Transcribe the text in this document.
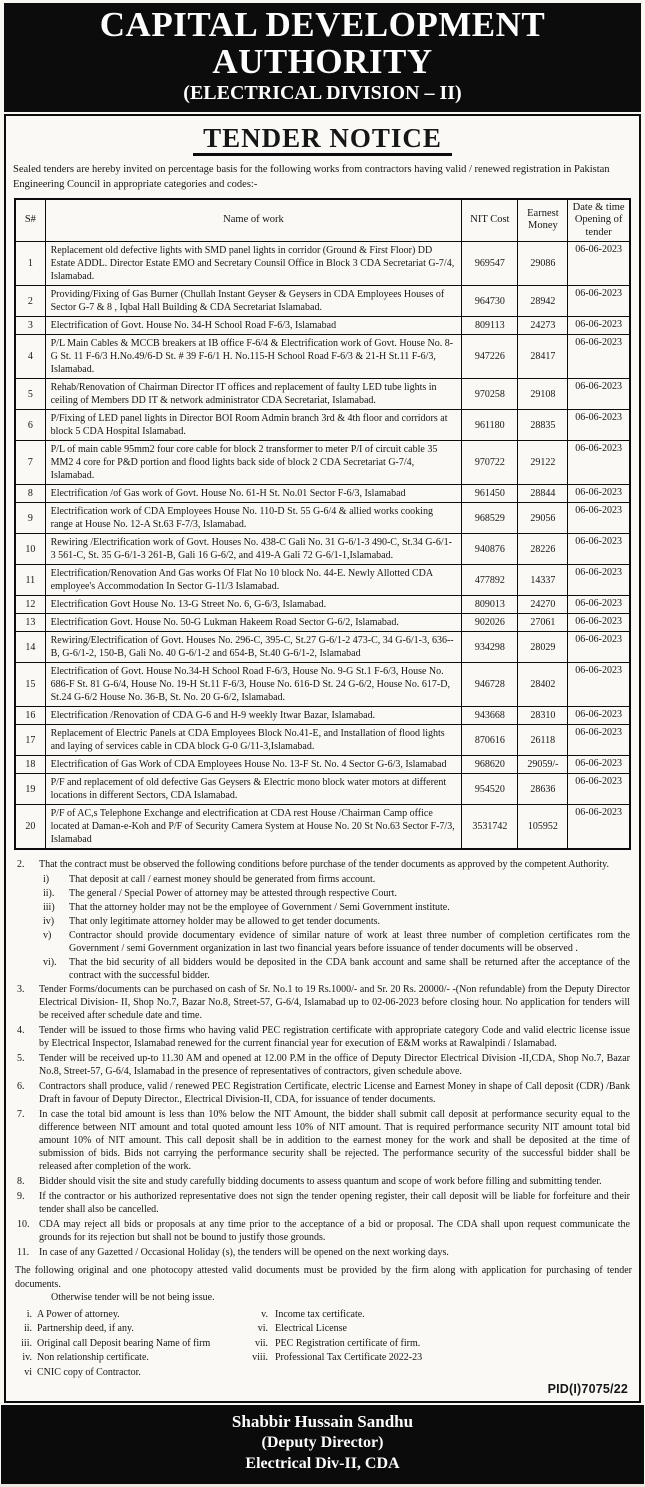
CAPITAL DEVELOPMENT AUTHORITY
(ELECTRICAL DIVISION – II)
TENDER NOTICE

Sealed tenders are hereby invited on percentage basis for the following works from contractors having valid / renewed registration in Pakistan Engineering Council in appropriate categories and codes:-

S#	Name of work	NIT Cost	Earnest Money	Date & time Opening of tender
1	Replacement old defective lights with SMD panel lights in corridor (Ground & First Floor) DD Estate ADDL. Director Estate EMO and Secretary Counsil Office in Block 3 CDA Secretariat G-7/4, Islamabad.	969547	29086	06-06-2023
2	Providing/Fixing of Gas Burner (Chullah Instant Geyser & Geysers in CDA Employees Houses of Sector G-7 & 8 , Iqbal Hall Building & CDA Secretariat Islamabad.	964730	28942	06-06-2023
3	Electrification of Govt. House No. 34-H School Road F-6/3, Islamabad	809113	24273	06-06-2023
4	P/L Main Cables & MCCB breakers at IB office F-6/4 & Electrification work of Govt. House No. 8-G St. 11 F-6/3 H.No.49/6-D St. # 39 F-6/1 H. No.115-H School Road F-6/3 & 21-H St.11 F-6/3, Islamabad.	947226	28417	06-06-2023
5	Rehab/Renovation of Chairman Director IT offices and replacement of faulty LED tube lights in ceiling of Members DD IT & network administrator CDA Secretariat, Islamabad.	970258	29108	06-06-2023
6	P/Fixing of LED panel lights in Director BOI Room Admin branch 3rd & 4th floor and corridors at block 5 CDA Hospital Islamabad.	961180	28835	06-06-2023
7	P/L of main cable 95mm2 four core cable for block 2 transformer to meter P/I of circuit cable 35 MM2 4 core for P&D portion and flood lights back side of block 2 CDA Secretariat G-7/4, Islamabad.	970722	29122	06-06-2023
8	Electrification /of Gas work of Govt. House No. 61-H St. No.01 Sector F-6/3, Islamabad	961450	28844	06-06-2023
9	Electrification work of CDA Employees House No. 110-D St. 55 G-6/4 & allied works cooking range at House No. 12-A St.63 F-7/3, Islamabad.	968529	29056	06-06-2023
10	Rewiring /Electrification work of Govt. Houses No. 438-C Gali No. 31 G-6/1-3 490-C, St.34 G-6/1-3 561-C, St. 35 G-6/1-3 261-B, Gali 16 G-6/2, and 419-A Gali 72 G-6/1-1,Islamabad.	940876	28226	06-06-2023
11	Electrification/Renovation And Gas works Of Flat No 10 block No. 44-E. Newly Allotted CDA employee's Accommodation In Sector G-11/3 Islamabad.	477892	14337	06-06-2023
12	Electrification Govt House No. 13-G Street No. 6, G-6/3, Islamabad.	809013	24270	06-06-2023
13	Electrification Govt. House No. 50-G Lukman Hakeem Road Sector G-6/2, Islamabad.	902026	27061	06-06-2023
14	Rewiring/Electrification of Govt. Houses No. 296-C, 395-C, St.27 G-6/1-2 473-C, 34 G-6/1-3, 636--B, G-6/1-2, 150-B, Gali No. 40 G-6/1-2 and 654-B, St.40 G-6/1-2, Islamabad	934298	28029	06-06-2023
15	Electrification of Govt. House No.34-H School Road F-6/3, House No. 9-G St.1 F-6/3, House No. 686-F St. 81 G-6/4, House No. 19-H St.11 F-6/3, House No. 616-D St. 24 G-6/2, House No. 617-D, St.24 G-6/2 House No. 36-B, St. No. 20 G-6/2, Islamabad.	946728	28402	06-06-2023
16	Electrification /Renovation of CDA G-6 and H-9 weekly Itwar Bazar, Islamabad.	943668	28310	06-06-2023
17	Replacement of Electric Panels at CDA Employees Block No.41-E, and Installation of flood lights and laying of services cable in CDA block G-0 G/11-3,Islamabad.	870616	26118	06-06-2023
18	Electrification of Gas Work of CDA Employees House No. 13-F St. No. 4 Sector G-6/3, Islamabad	968620	29059/-	06-06-2023
19	P/F and replacement of old defective Gas Geysers & Electric mono block water motors at different locations in different Sectors, CDA Islamabad.	954520	28636	06-06-2023
20	P/F of AC,s Telephone Exchange and electrification at CDA rest House /Chairman Camp office located at Daman-e-Koh and P/F of Security Camera System at House No. 20 St No.63 Sector F-7/3, Islamabad	3531742	105952	06-06-2023
2.	That the contract must be observed the following conditions before purchase of the tender documents as approved by the competent Authority.
i)	That deposit at call / earnest money should be generated from firms account.
ii).	The general / Special Power of attorney may be attested through respective Court.
iii)	That the attorney holder may not be the employee of Government / Semi Government institute.
iv)	That only legitimate attorney holder may be allowed to get tender documents.
v)	Contractor should provide documentary evidence of similar nature of work at least three number of completion certificates rom the Government / semi Government organization in last two financial years before issuance of tender documents will be observed .
vi).	That the bid security of all bidders would be deposited in the CDA bank account and same shall be returned after the acceptance of the contract with the successful bidder.
3.	Tender Forms/documents can be purchased on cash of Sr. No.1 to 19 Rs.1000/- and Sr. 20 Rs. 20000/- -(Non refundable) from the Deputy Director Electrical Division- II, Shop No.7, Bazar No.8, Street-57, G-6/4, Islamabad up to 02-06-2023 before closing hour. No application for tenders will be received after schedule date and time.
4.	Tender will be issued to those firms who having valid PEC registration certificate with appropriate category Code and valid electric license issue by Electrical Inspector, Islamabad renewed for the current financial year for execution of E&M works at Rawalpindi / Islamabad.
5.	Tender will be received up-to 11.30 AM and opened at 12.00 P.M in the office of Deputy Director Electrical Division -II,CDA, Shop No.7, Bazar No.8, Street-57, G-6/4, Islamabad in the presence of representatives of contractors, given schedule above.
6.	Contractors shall produce, valid / renewed PEC Registration Certificate, electric License and Earnest Money in shape of Call deposit (CDR) /Bank Draft in favour of Deputy Director., Electrical Division-II, CDA, for issuance of tender documents.
7.	In case the total bid amount is less than 10% below the NIT Amount, the bidder shall submit call deposit at performance security equal to the difference between NIT amount and total quoted amount less 10% of NIT amount. That is required performance security NIT amount total bid amount 10% of NIT amount. This call deposit shall be in addition to the earnest money for the work and shall be deposited at the time of submission of bids. Bids not carrying the performance security shall be rejected. The performance security of the successful bidder shall be released after completion of the work.
8.	Bidder should visit the site and study carefully bidding documents to assess quantum and scope of work before filling and submitting tender.
9.	If the contractor or his authorized representative does not sign the tender opening register, their call deposit will be liable for forfeiture and their tender shall also be cancelled.
10. CDA may reject all bids or proposals at any time prior to the acceptance of a bid or proposal. The CDA shall upon request communicate the grounds for its rejection but shall not be bound to justify those grounds.
11. In case of any Gazetted / Occasional Holiday (s), the tenders will be opened on the next working days.

The following original and one photocopy attested valid documents must be provided by the firm along with application for purchasing of tender documents.

Otherwise tender will be not being issue.

i. A Power of attorney.
ii. Partnership deed, if any.
iii. Original call Deposit bearing Name of firm
iv. Non relationship certificate.
vi CNIC copy of Contractor.
v. Income tax certificate.
vi. Electrical License
vii. PEC Registration certificate of firm.
viii. Professional Tax Certificate 2022-23
PID(I)7075/22
Shabbir Hussain Sandhu
(Deputy Director)
Electrical Div-II, CDA
